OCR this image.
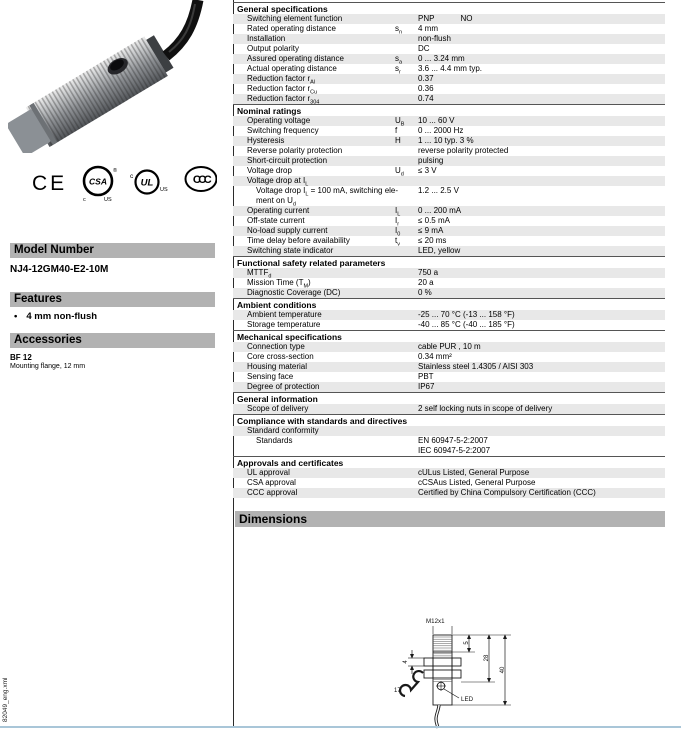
CE	CSA
®
c	US
c
UL
US
CCC
Model Number
NJ4-12GM40-E2-10M
Features
• 4 mm non-flush
Accessories
BF 12
Mounting flange, 12 mm
82049_eng.xml
General specifications
Switching element function	PNP	NO
Rated operating distance	$s_n$	4 mm
Installation	non-flush
Output polarity	DC
Assured operating distance	$s_a$	0 ... 3.24 mm
Actual operating distance	$s_r$	3.6 ... 4.4 mm typ.
Reduction factor $r_{Al}$	0.37
Reduction factor $r_{Cu}$	0.36
Reduction factor $r_{304}$	0.74
Nominal ratings
Operating voltage	$U_B$	10 ... 60 V
Switching frequency	f	0 ... 2000 Hz
Hysteresis	H	1 ... 10 typ. 3 %
Reverse polarity protection	reverse polarity protected
Short-circuit protection	pulsing
Voltage drop	$U_d$	≤ 3 V
Voltage drop at $I_L$
Voltage drop $I_L = 100$ mA, switching ele-
ment on $U_d$
1.2 ... 2.5 V
Operating current	$I_L$	0 ... 200 mA
Off-state current	$I_r$	≤ 0.5 mA
No-load supply current	$I_0$	≤ 9 mA
Time delay before availability	$t_v$	≤ 20 ms
Switching state indicator	LED, yellow
Functional safety related parameters
$MTTF_d$	750 a
Mission Time $(T_M)$	20 a
Diagnostic Coverage (DC)	0 %
Ambient conditions
Ambient temperature	-25 ... 70 °C (-13 ... 158 °F)
Storage temperature	-40 ... 85 °C (-40 ... 185 °F)
Mechanical specifications
Connection type	cable PUR , 10 m
Core cross-section	0.34 mm²
Housing material	Stainless steel 1.4305 / AISI 303
Sensing face	PBT
Degree of protection	IP67
General information
Scope of delivery	2 self locking nuts in scope of delivery
Compliance with standards and directives
Standard conformity
Standards	EN 60947-5-2:2007
IEC 60947-5-2:2007
Approvals and certificates
UL approval	cULus Listed, General Purpose
CSA approval	cCSAus Listed, General Purpose
CCC approval	Certified by China Compulsory Certification (CCC)
Dimensions
M12x1
5
28
40
4
17
LED
